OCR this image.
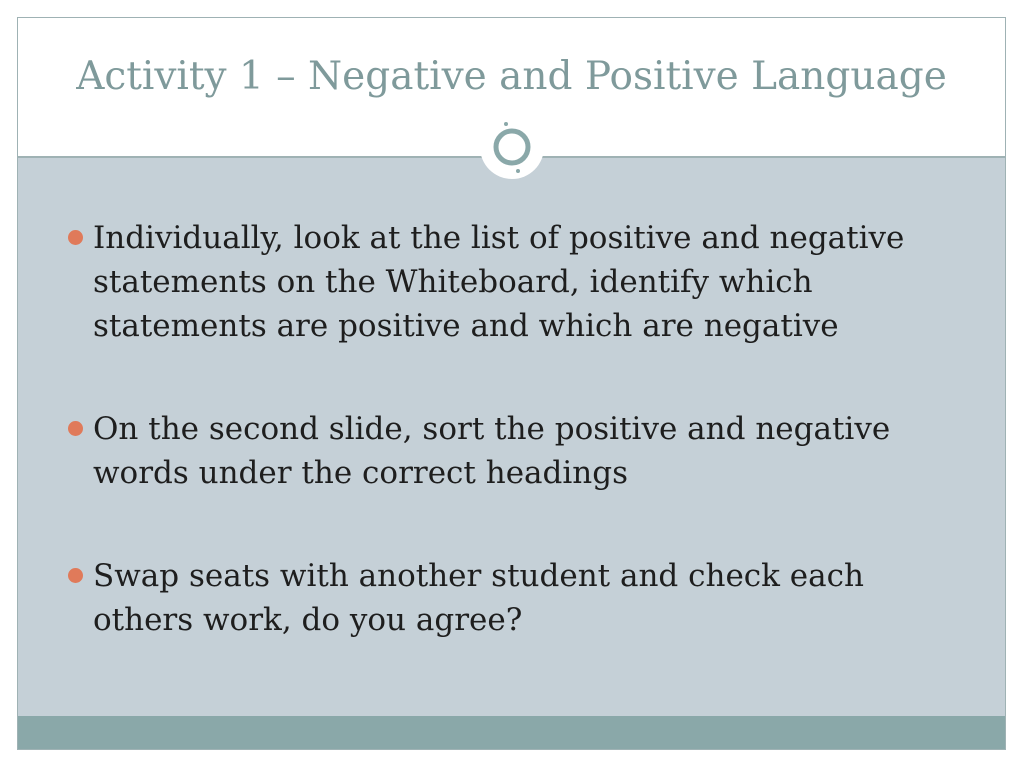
Activity 1 – Negative and Positive Language
Individually, look at the list of positive and negative statements on the Whiteboard, identify which statements are positive and which are negative
On the second slide, sort the positive and negative words under the correct headings
Swap seats with another student and check each others work, do you agree?
